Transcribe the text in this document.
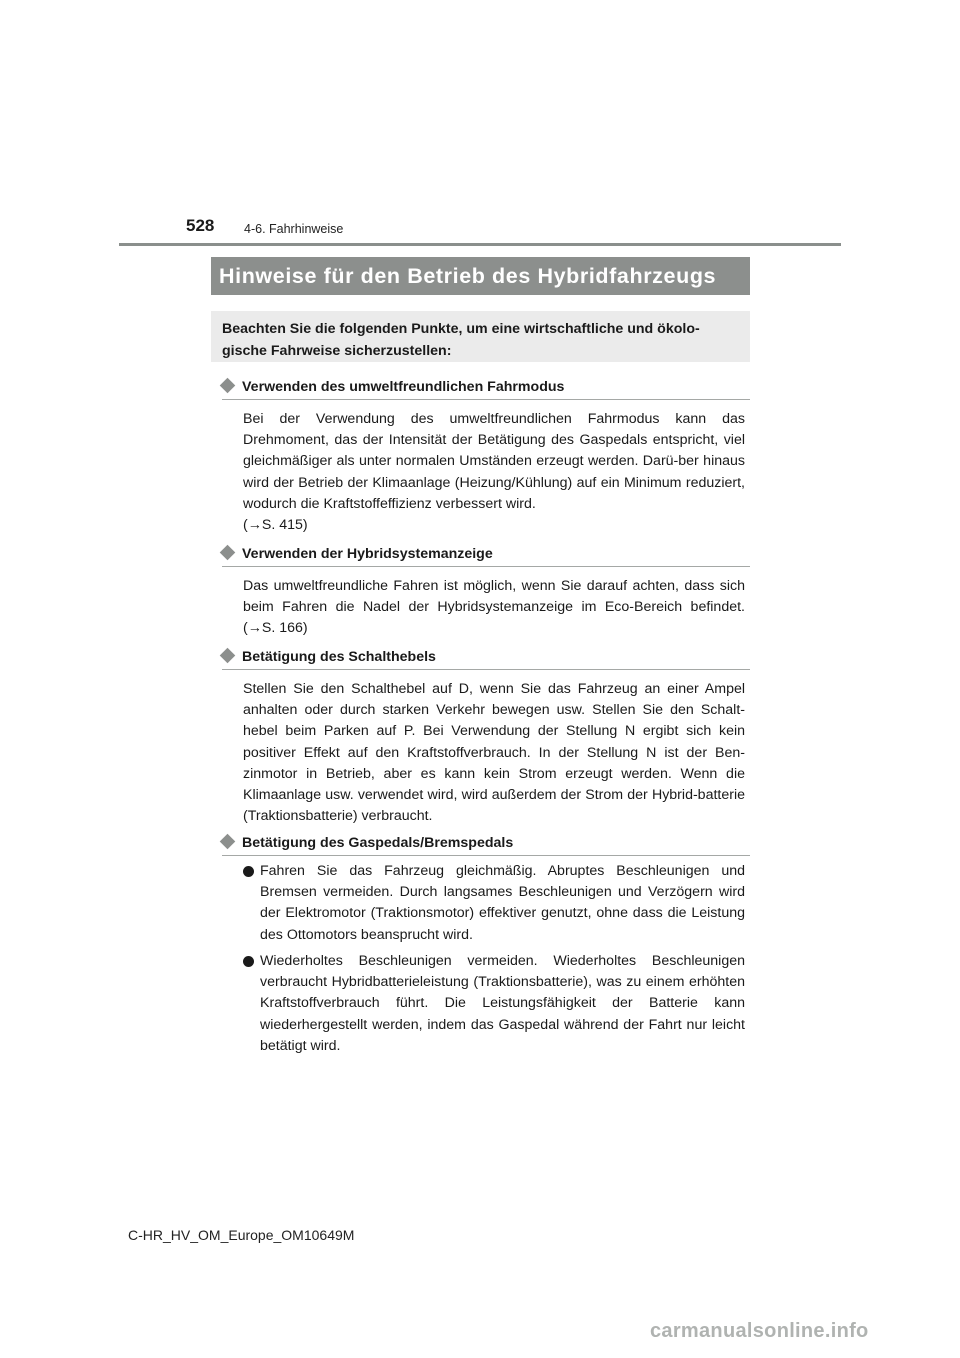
528 4-6. Fahrhinweise
Hinweise für den Betrieb des Hybridfahrzeugs
Beachten Sie die folgenden Punkte, um eine wirtschaftliche und ökolo-
gische Fahrweise sicherzustellen:
Verwenden des umweltfreundlichen Fahrmodus
Bei der Verwendung des umweltfreundlichen Fahrmodus kann das Drehmoment, das der Intensität der Betätigung des Gaspedals entspricht, viel gleichmäßiger als unter normalen Umständen erzeugt werden. Darü-ber hinaus wird der Betrieb der Klimaanlage (Heizung/Kühlung) auf ein Minimum reduziert, wodurch die Kraftstoffeffizienz verbessert wird.
(→S. 415)
Verwenden der Hybridsystemanzeige
Das umweltfreundliche Fahren ist möglich, wenn Sie darauf achten, dass sich beim Fahren die Nadel der Hybridsystemanzeige im Eco-Bereich befindet. (→S. 166)
Betätigung des Schalthebels
Stellen Sie den Schalthebel auf D, wenn Sie das Fahrzeug an einer Ampel anhalten oder durch starken Verkehr bewegen usw. Stellen Sie den Schalt-hebel beim Parken auf P. Bei Verwendung der Stellung N ergibt sich kein positiver Effekt auf den Kraftstoffverbrauch. In der Stellung N ist der Ben-zinmotor in Betrieb, aber es kann kein Strom erzeugt werden. Wenn die Klimaanlage usw. verwendet wird, wird außerdem der Strom der Hybrid-batterie (Traktionsbatterie) verbraucht.
Betätigung des Gaspedals/Bremspedals
Fahren Sie das Fahrzeug gleichmäßig. Abruptes Beschleunigen und Bremsen vermeiden. Durch langsames Beschleunigen und Verzögern wird der Elektromotor (Traktionsmotor) effektiver genutzt, ohne dass die Leistung des Ottomotors beansprucht wird.
Wiederholtes Beschleunigen vermeiden. Wiederholtes Beschleunigen verbraucht Hybridbatterieleistung (Traktionsbatterie), was zu einem erhöhten Kraftstoffverbrauch führt. Die Leistungsfähigkeit der Batterie kann wiederhergestellt werden, indem das Gaspedal während der Fahrt nur leicht betätigt wird.
C-HR_HV_OM_Europe_OM10649M
carmanualsonline.info
